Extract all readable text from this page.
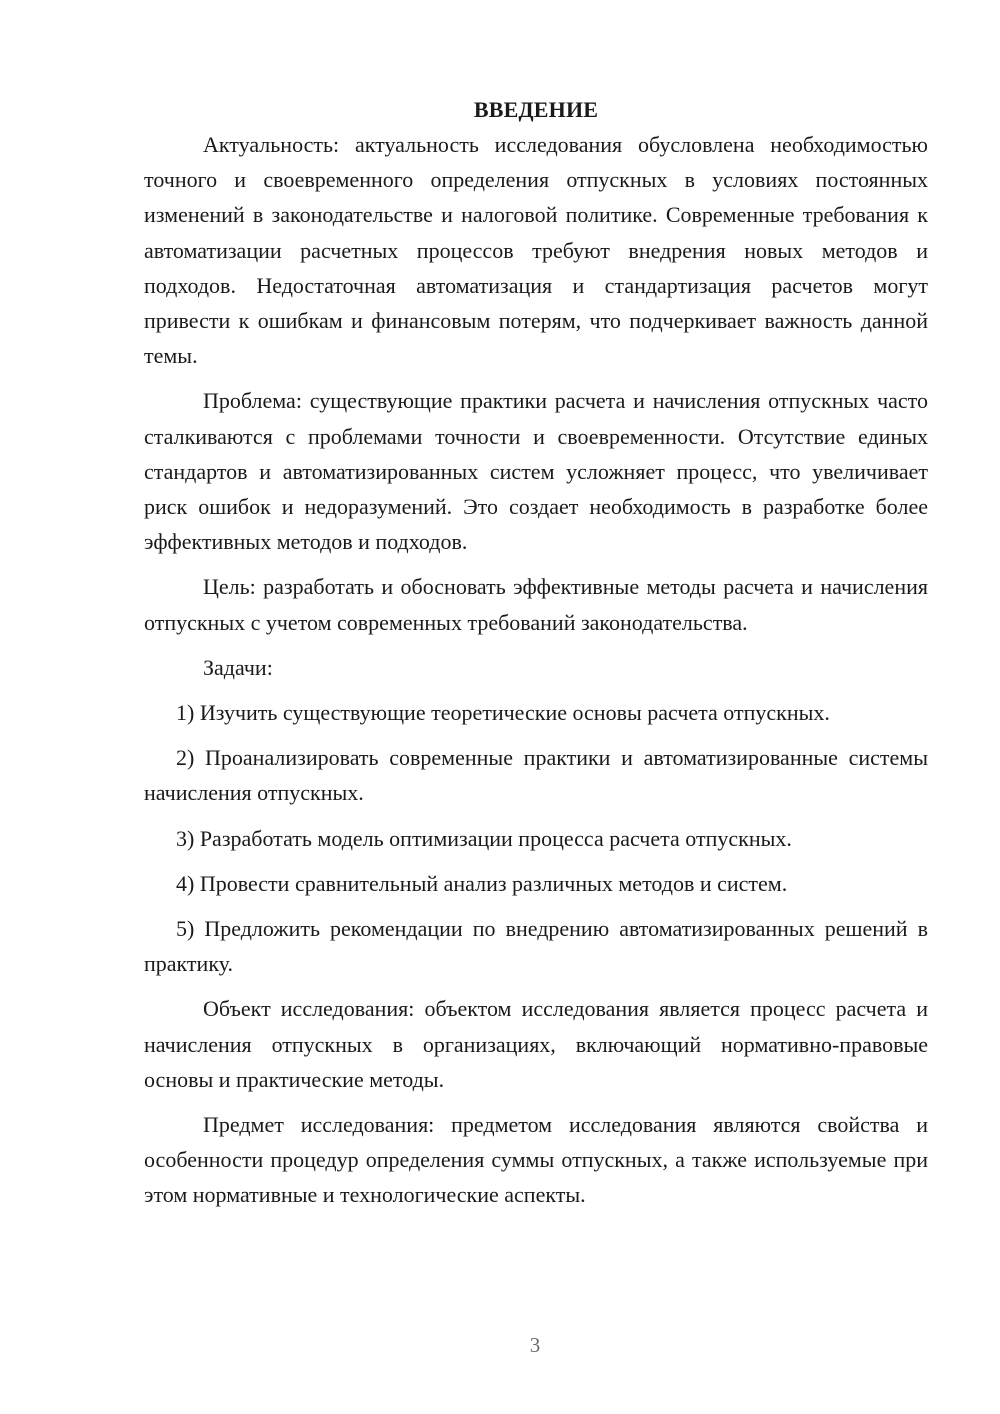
ВВЕДЕНИЕ

Актуальность: актуальность исследования обусловлена необходимостью точного и своевременного определения отпускных в условиях постоянных изменений в законодательстве и налоговой политике. Современные требования к автоматизации расчетных процессов требуют внедрения новых методов и подходов. Недостаточная автоматизация и стандартизация расчетов могут привести к ошибкам и финансовым потерям, что подчеркивает важность данной темы.

Проблема: существующие практики расчета и начисления отпускных часто сталкиваются с проблемами точности и своевременности. Отсутствие единых стандартов и автоматизированных систем усложняет процесс, что увеличивает риск ошибок и недоразумений. Это создает необходимость в разработке более эффективных методов и подходов.

Цель: разработать и обосновать эффективные методы расчета и начисления отпускных с учетом современных требований законодательства.

Задачи:

1) Изучить существующие теоретические основы расчета отпускных.

2) Проанализировать современные практики и автоматизированные системы начисления отпускных.

3) Разработать модель оптимизации процесса расчета отпускных.

4) Провести сравнительный анализ различных методов и систем.

5) Предложить рекомендации по внедрению автоматизированных решений в практику.

Объект исследования: объектом исследования является процесс расчета и начисления отпускных в организациях, включающий нормативно-правовые основы и практические методы.

Предмет исследования: предметом исследования являются свойства и особенности процедур определения суммы отпускных, а также используемые при этом нормативные и технологические аспекты.

3
